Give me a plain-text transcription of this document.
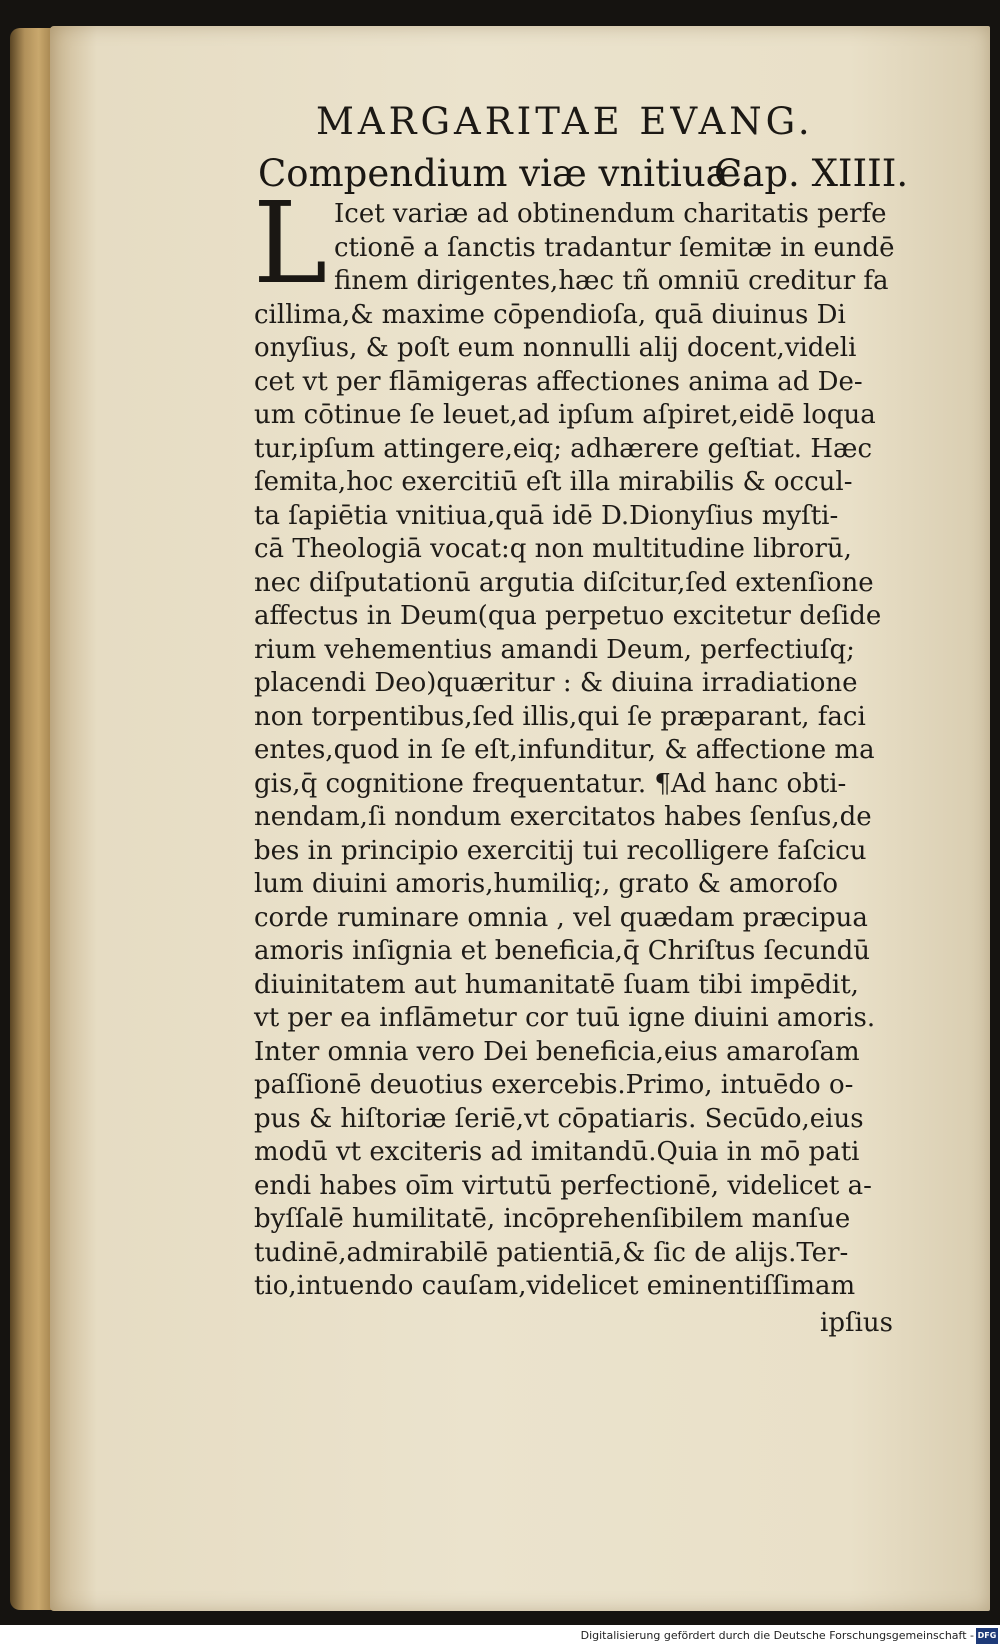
MARGARITAE EVANG.
Compendium viæ vnitiuæ.
Cap. XIIII.
L Icet variæ ad obtinendum charitatis perfe
ctionē a ſanctis tradantur ſemitæ in eundē
finem dirigentes,hæc tñ omniū creditur fa
cillima,& maxime cōpendioſa, quā diuinus Di
onyſius, & poſt eum nonnulli alij docent,videli
cet vt per flāmigeras affectiones anima ad De-
um cōtinue ſe leuet,ad ipſum aſpiret,eidē loqua
tur,ipſum attingere,eiq; adhærere geſtiat. Hæc
ſemita,hoc exercitiū eſt illa mirabilis & occul-
ta ſapiētia vnitiua,quā idē D.Dionyſius myſti-
cā Theologiā vocat:q non multitudine librorū,
nec diſputationū argutia diſcitur,ſed extenſione
affectus in Deum(qua perpetuo excitetur deſide
rium vehementius amandi Deum, perfectiuſq;
placendi Deo)quæritur : & diuina irradiatione
non torpentibus,ſed illis,qui ſe præparant, faci
entes,quod in ſe eſt,infunditur, & affectione ma
gis,q̄ cognitione frequentatur. ¶Ad hanc obti-
nendam,ſi nondum exercitatos habes ſenſus,de
bes in principio exercitij tui recolligere faſcicu
lum diuini amoris,humiliq;, grato & amoroſo
corde ruminare omnia , vel quædam præcipua
amoris inſignia et beneficia,q̄ Chriſtus ſecundū
diuinitatem aut humanitatē ſuam tibi impēdit,
vt per ea inflāmetur cor tuū igne diuini amoris.
Inter omnia vero Dei beneficia,eius amaroſam
paſſionē deuotius exercebis.Primo, intuēdo o-
pus & hiſtoriæ ſeriē,vt cōpatiaris. Secūdo,eius
modū vt exciteris ad imitandū.Quia in mō pati
endi habes oīm virtutū perfectionē, videlicet a-
byſſalē humilitatē, incōprehenſibilem manſue
tudinē,admirabilē patientiā,& ſic de alijs.Ter-
tio,intuendo cauſam,videlicet eminentiſſimam
ipſius
Digitalisierung gefördert durch die Deutsche Forschungsgemeinschaft - DFG
